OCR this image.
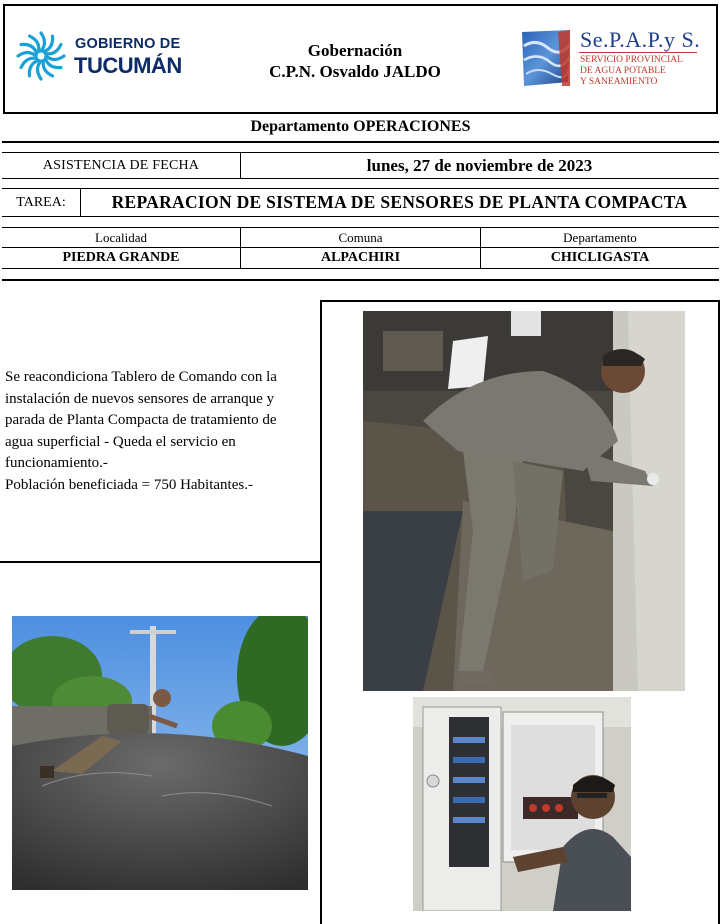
GOBIERNO DE
TUCUMÁN
Gobernación
C.P.N. Osvaldo JALDO
Se.P.A.P.y S.
SERVICIO PROVINCIAL
DE AGUA POTABLE
Y SANEAMIENTO
Departamento OPERACIONES
ASISTENCIA DE FECHA	lunes, 27 de noviembre de 2023
TAREA:	REPARACION DE SISTEMA DE SENSORES DE PLANTA COMPACTA
Localidad	Comuna	Departamento
PIEDRA GRANDE	ALPACHIRI	CHICLIGASTA
Se reacondiciona Tablero de Comando con la
instalación de nuevos sensores de arranque y
parada de Planta Compacta de tratamiento de
agua superficial - Queda el servicio en
funcionamiento.-
Población beneficiada = 750 Habitantes.-
